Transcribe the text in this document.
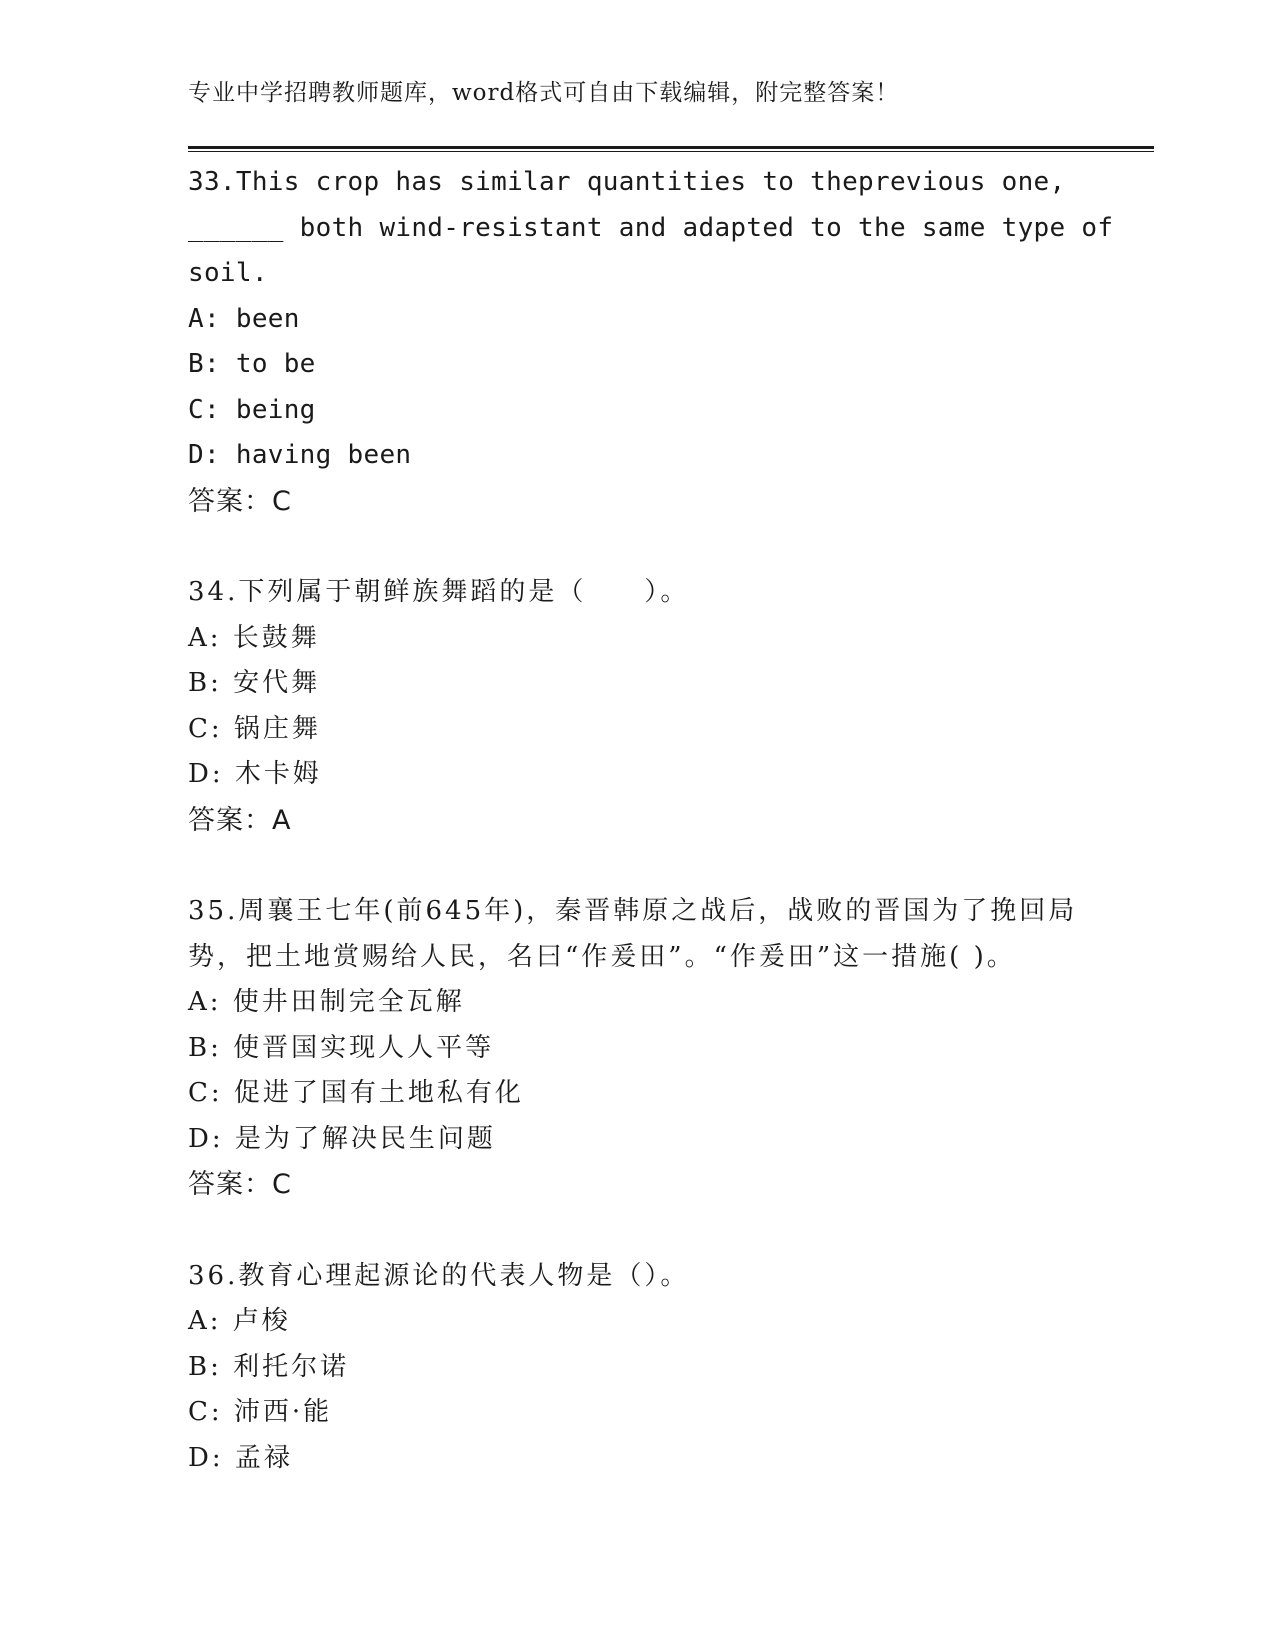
专业中学招聘教师题库，word格式可自由下载编辑，附完整答案！
33.This crop has similar quantities to theprevious one,
______ both wind-resistant and adapted to the same type of
soil.
A: been
B: to be
C: being
D: having been
答案：C
34.下列属于朝鲜族舞蹈的是（　　）。
A: 长鼓舞
B: 安代舞
C: 锅庄舞
D: 木卡姆
答案：A
35.周襄王七年(前645年)，秦晋韩原之战后，战败的晋国为了挽回局
势，把土地赏赐给人民，名曰“作爰田”。“作爰田”这一措施( )。
A: 使井田制完全瓦解
B: 使晋国实现人人平等
C: 促进了国有土地私有化
D: 是为了解决民生问题
答案：C
36.教育心理起源论的代表人物是（）。
A: 卢梭
B: 利托尔诺
C: 沛西·能
D: 孟禄
